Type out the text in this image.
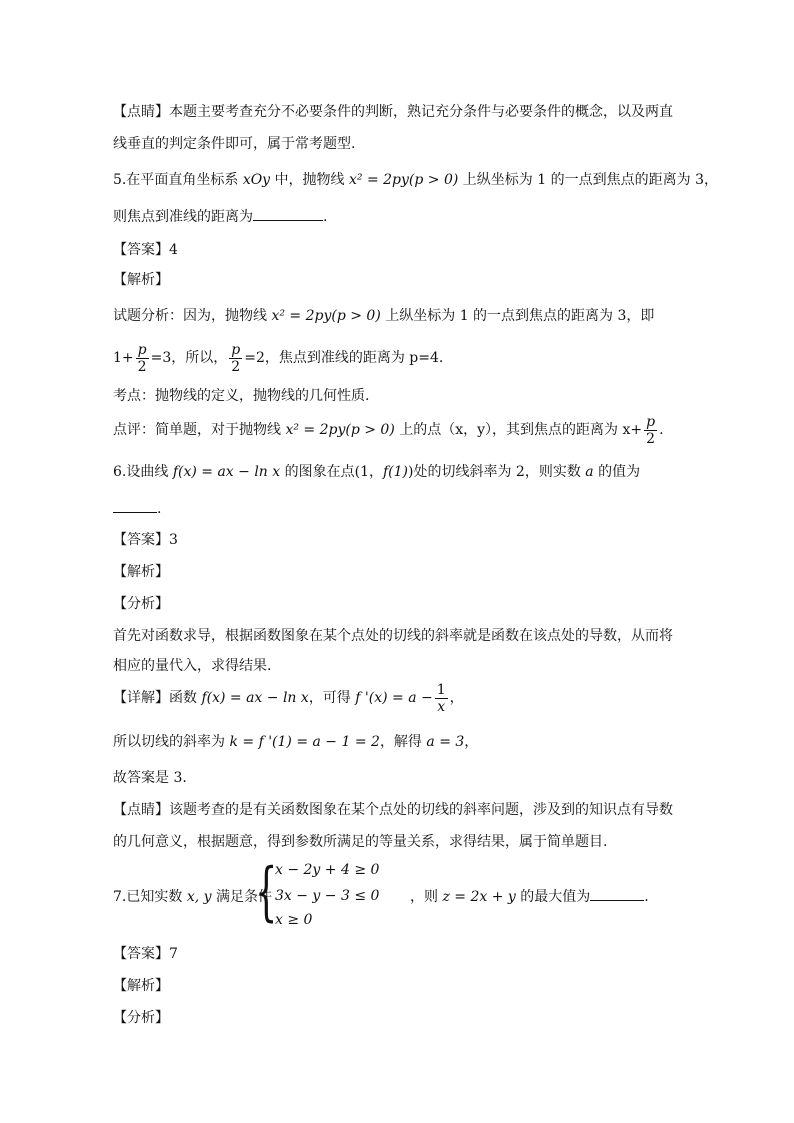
【点睛】本题主要考查充分不必要条件的判断，熟记充分条件与必要条件的概念，以及两直
线垂直的判定条件即可，属于常考题型.
5.在平面直角坐标系 xOy 中，抛物线 x² = 2py(p > 0) 上纵坐标为 1 的一点到焦点的距离为 3，
则焦点到准线的距离为	.
【答案】4
【解析】
试题分析：因为，抛物线 x² = 2py(p > 0) 上纵坐标为 1 的一点到焦点的距离为 3，即
$1+ \frac{p}{2} =3$，所以， $\frac{p}{2} =2$，焦点到准线的距离为 p=4.
考点：抛物线的定义，抛物线的几何性质.
点评：简单题，对于抛物线 x² = 2py(p > 0) 上的点（x，y），其到焦点的距离为 $x+ \frac{p}{2}$ .
6.设曲线 f(x) = ax − ln x 的图象在点(1，f(1))处的切线斜率为 2，则实数 a 的值为
.
【答案】3
【解析】
【分析】
首先对函数求导，根据函数图象在某个点处的切线的斜率就是函数在该点处的导数，从而将
相应的量代入，求得结果.
【详解】函数 f(x) = ax − ln x，可得 f '$(x) = a - \frac{1}{x}$ ，
所以切线的斜率为 k = f '(1) = a − 1 = 2，解得 a = 3，
故答案是 3.
【点睛】该题考查的是有关函数图象在某个点处的切线的斜率问题，涉及到的知识点有导数
的几何意义，根据题意，得到参数所满足的等量关系，求得结果，属于简单题目.
7.已知实数 x, y 满足条件	，则 z = 2x + y 的最大值为	.
{
x − 2y + 4 ≥ 0
3x − y − 3 ≤ 0
x ≥ 0
【答案】7
【解析】
【分析】
